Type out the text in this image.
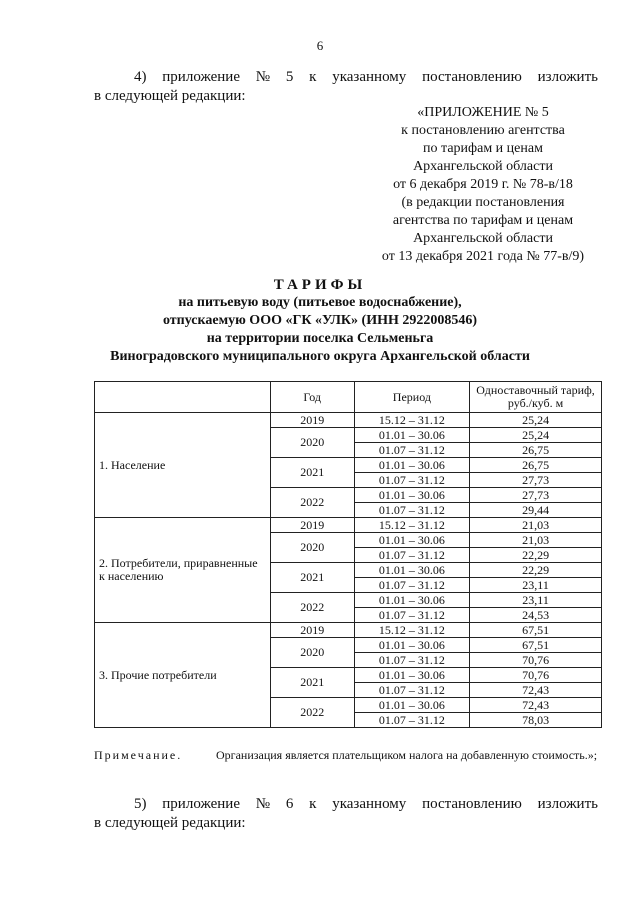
6
4) приложение № 5 к указанному постановлению изложить
в следующей редакции:
«ПРИЛОЖЕНИЕ № 5
к постановлению агентства
по тарифам и ценам
Архангельской области
от 6 декабря 2019 г. № 78-в/18
(в редакции постановления
агентства по тарифам и ценам
Архангельской области
от 13 декабря 2021 года № 77-в/9)
ТАРИФЫ
на питьевую воду (питьевое водоснабжение),
отпускаемую ООО «ГК «УЛК» (ИНН 2922008546)
на территории поселка Сельменьга
Виноградовского муниципального округа Архангельской области
	Год	Период	Одноставочный тариф, руб./куб. м
1. Население	2019	15.12 – 31.12	25,24
	2020	01.01 – 30.06	25,24
		01.07 – 31.12	26,75
	2021	01.01 – 30.06	26,75
		01.07 – 31.12	27,73
	2022	01.01 – 30.06	27,73
		01.07 – 31.12	29,44
2. Потребители, приравненные к населению	2019	15.12 – 31.12	21,03
	2020	01.01 – 30.06	21,03
		01.07 – 31.12	22,29
	2021	01.01 – 30.06	22,29
		01.07 – 31.12	23,11
	2022	01.01 – 30.06	23,11
		01.07 – 31.12	24,53
3. Прочие потребители	2019	15.12 – 31.12	67,51
	2020	01.01 – 30.06	67,51
		01.07 – 31.12	70,76
	2021	01.01 – 30.06	70,76
		01.07 – 31.12	72,43
	2022	01.01 – 30.06	72,43
		01.07 – 31.12	78,03
Примечание.	Организация является плательщиком налога на добавленную стоимость.»;
5) приложение № 6 к указанному постановлению изложить
в следующей редакции:
